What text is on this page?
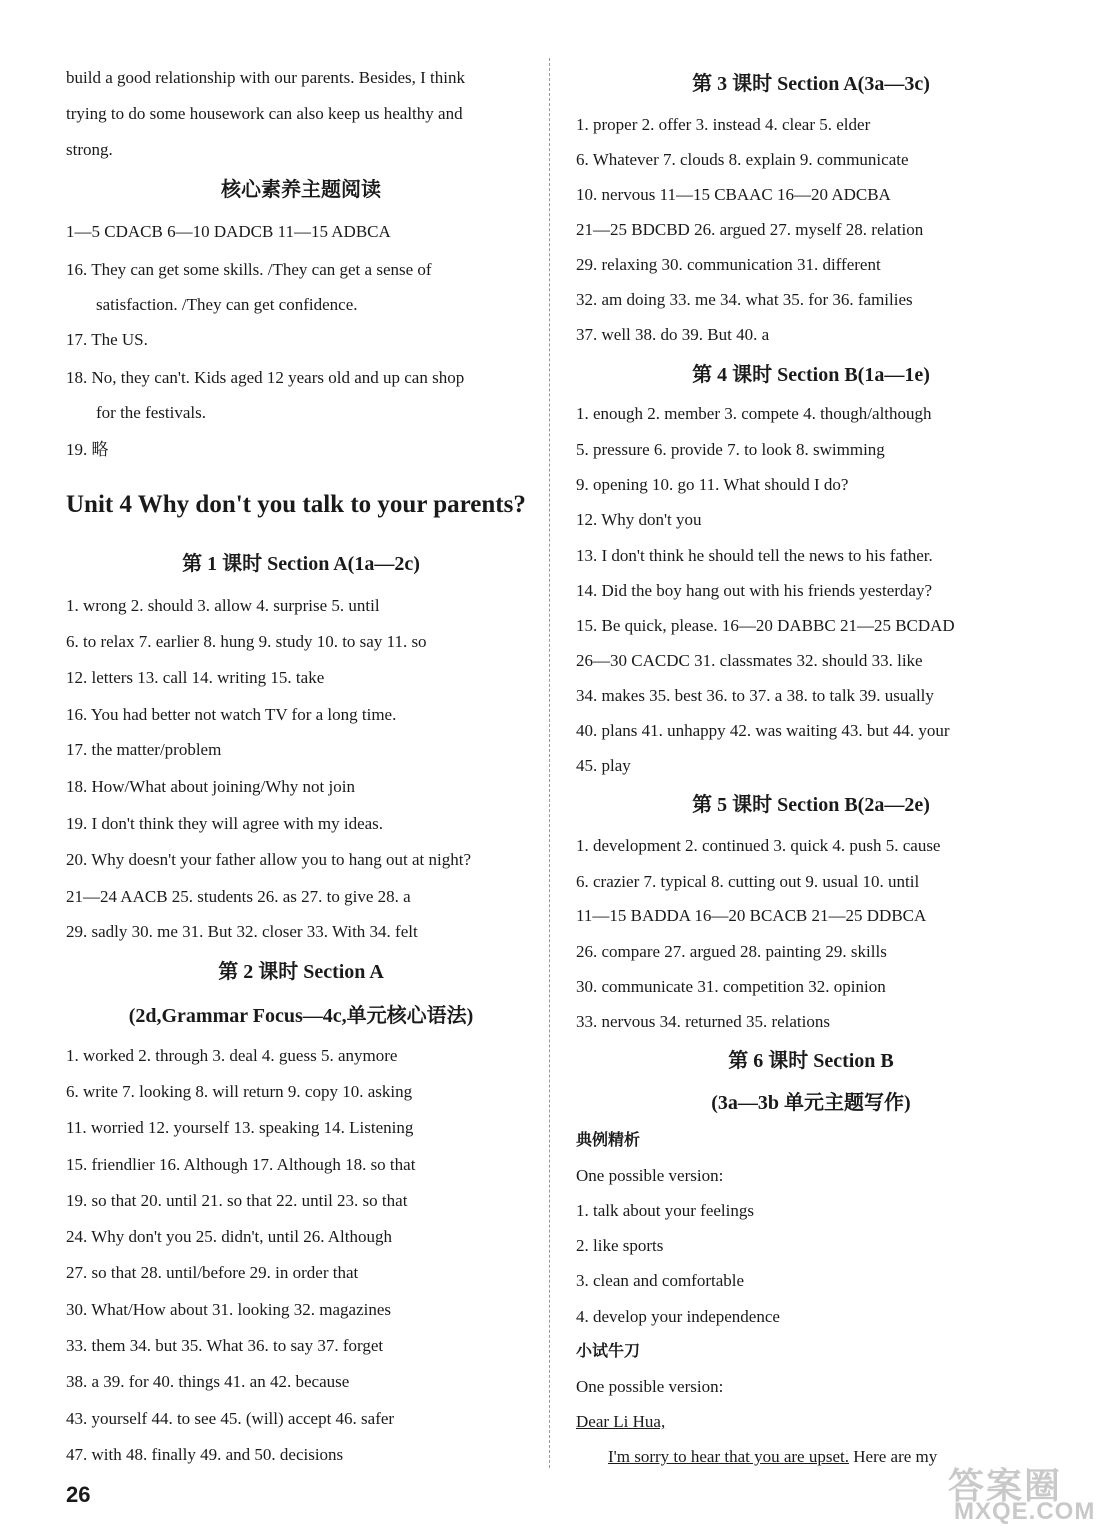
build a good relationship with our parents. Besides, I think
trying to do some housework can also keep us healthy and
strong.
核心素养主题阅读
1—5 CDACB 6—10 DADCB 11—15 ADBCA
16. They can get some skills. /They can get a sense of
satisfaction. /They can get confidence.
17. The US.
18. No, they can't. Kids aged 12 years old and up can shop
for the festivals.
19. 略
Unit 4 Why don't you talk to your parents?
第 1 课时 Section A(1a—2c)
1. wrong 2. should 3. allow 4. surprise 5. until
6. to relax 7. earlier 8. hung 9. study 10. to say 11. so
12. letters 13. call 14. writing 15. take
16. You had better not watch TV for a long time.
17. the matter/problem
18. How/What about joining/Why not join
19. I don't think they will agree with my ideas.
20. Why doesn't your father allow you to hang out at night?
21—24 AACB 25. students 26. as 27. to give 28. a
29. sadly 30. me 31. But 32. closer 33. With 34. felt
第 2 课时 Section A
(2d,Grammar Focus—4c,单元核心语法)
1. worked 2. through 3. deal 4. guess 5. anymore
6. write 7. looking 8. will return 9. copy 10. asking
11. worried 12. yourself 13. speaking 14. Listening
15. friendlier 16. Although 17. Although 18. so that
19. so that 20. until 21. so that 22. until 23. so that
24. Why don't you 25. didn't, until 26. Although
27. so that 28. until/before 29. in order that
30. What/How about 31. looking 32. magazines
33. them 34. but 35. What 36. to say 37. forget
38. a 39. for 40. things 41. an 42. because
43. yourself 44. to see 45. (will) accept 46. safer
47. with 48. finally 49. and 50. decisions
第 3 课时 Section A(3a—3c)
1. proper 2. offer 3. instead 4. clear 5. elder
6. Whatever 7. clouds 8. explain 9. communicate
10. nervous 11—15 CBAAC 16—20 ADCBA
21—25 BDCBD 26. argued 27. myself 28. relation
29. relaxing 30. communication 31. different
32. am doing 33. me 34. what 35. for 36. families
37. well 38. do 39. But 40. a
第 4 课时 Section B(1a—1e)
1. enough 2. member 3. compete 4. though/although
5. pressure 6. provide 7. to look 8. swimming
9. opening 10. go 11. What should I do?
12. Why don't you
13. I don't think he should tell the news to his father.
14. Did the boy hang out with his friends yesterday?
15. Be quick, please. 16—20 DABBC 21—25 BCDAD
26—30 CACDC 31. classmates 32. should 33. like
34. makes 35. best 36. to 37. a 38. to talk 39. usually
40. plans 41. unhappy 42. was waiting 43. but 44. your
45. play
第 5 课时 Section B(2a—2e)
1. development 2. continued 3. quick 4. push 5. cause
6. crazier 7. typical 8. cutting out 9. usual 10. until
11—15 BADDA 16—20 BCACB 21—25 DDBCA
26. compare 27. argued 28. painting 29. skills
30. communicate 31. competition 32. opinion
33. nervous 34. returned 35. relations
第 6 课时 Section B
(3a—3b 单元主题写作)
典例精析
One possible version:
1. talk about your feelings
2. like sports
3. clean and comfortable
4. develop your independence
小试牛刀
One possible version:
Dear Li Hua,
I'm sorry to hear that you are upset. Here are my
26	答案圈
MXQE.COM
